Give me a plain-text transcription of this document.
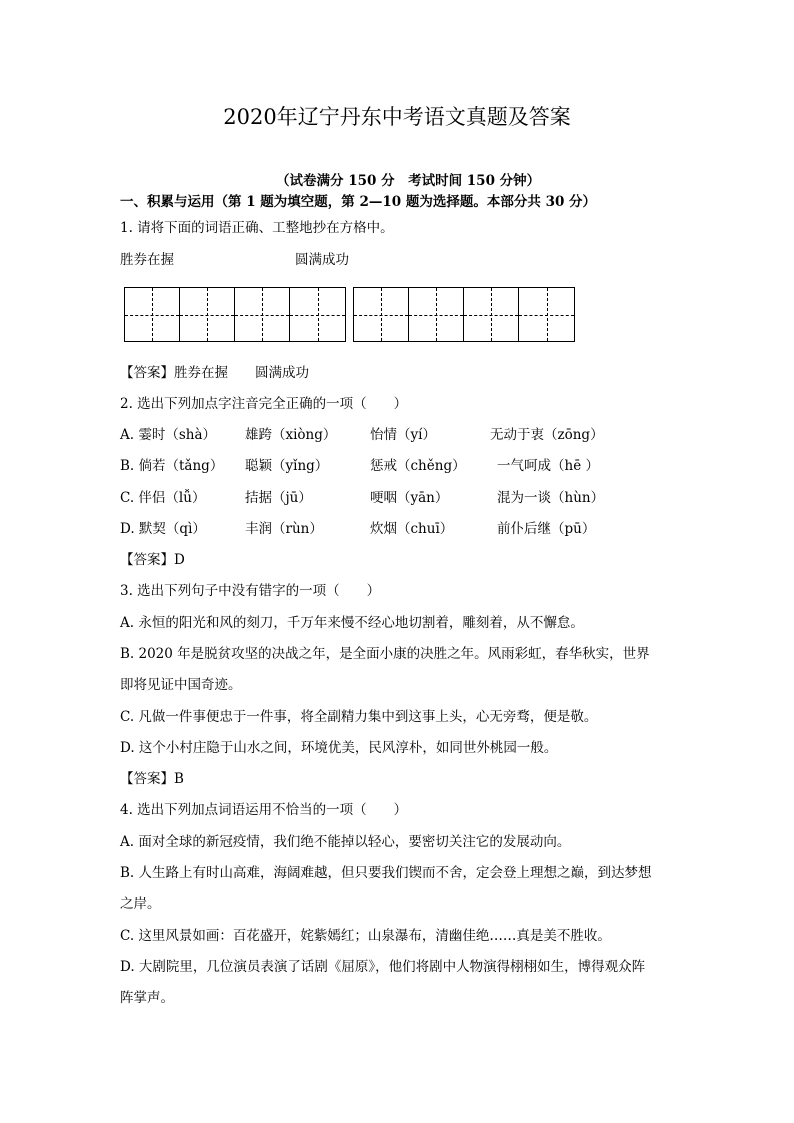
2020年辽宁丹东中考语文真题及答案
（试卷满分 150 分　考试时间 150 分钟）
一、积累与运用（第 1 题为填空题，第 2—10 题为选择题。本部分共 30 分）
1. 请将下面的词语正确、工整地抄在方格中。
胜券在握	圆满成功
【答案】胜券在握　　圆满成功
2. 选出下列加点字注音完全正确的一项（　　）
A. 霎时（shà） 雄跨（xiòng） 怡情（yí）	无动于衷（zōng）
B. 倘若（tǎng） 聪颖（yǐng）	惩戒（chěng） 一气呵成（hē ）
C. 伴侣（lǚ）	拮据（jū）	哽咽（yān）	混为一谈（hùn）
D. 默契（qì）	丰润（rùn）	炊烟（chuī）	前仆后继（pū）
【答案】D
3. 选出下列句子中没有错字的一项（　　）
A. 永恒的阳光和风的刻刀，千万年来慢不经心地切割着，雕刻着，从不懈怠。
B. 2020 年是脱贫攻坚的决战之年，是全面小康的决胜之年。风雨彩虹，春华秋实，世界
即将见证中国奇迹。
C. 凡做一件事便忠于一件事，将全副精力集中到这事上头，心无旁骛，便是敬。
D. 这个小村庄隐于山水之间，环境优美，民风淳朴，如同世外桃园一般。
【答案】B
4. 选出下列加点词语运用不恰当的一项（　　）
A. 面对全球的新冠疫情，我们绝不能掉以轻心，要密切关注它的发展动向。
B. 人生路上有时山高难，海阔难越，但只要我们锲而不舍，定会登上理想之巅，到达梦想
之岸。
C. 这里风景如画：百花盛开，姹紫嫣红；山泉瀑布，清幽佳绝……真是美不胜收。
D. 大剧院里，几位演员表演了话剧《屈原》，他们将剧中人物演得栩栩如生，博得观众阵
阵掌声。
